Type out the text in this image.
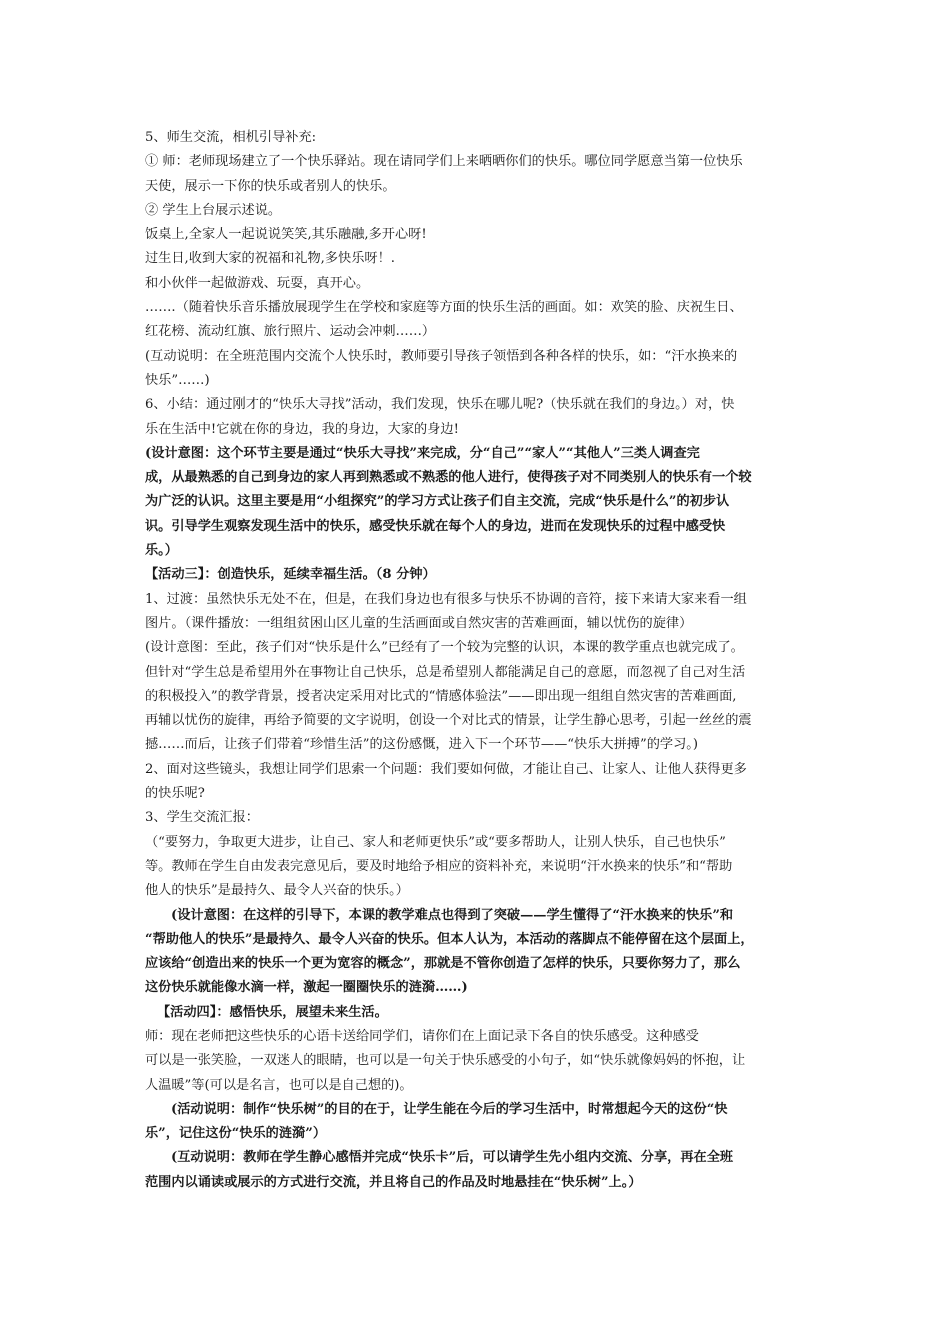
5、师生交流，相机引导补充:
① 师：老师现场建立了一个快乐驿站。现在请同学们上来晒晒你们的快乐。哪位同学愿意当第一位快乐
天使，展示一下你的快乐或者别人的快乐。
② 学生上台展示述说。
饭桌上,全家人一起说说笑笑,其乐融融,多开心呀!
过生日,收到大家的祝福和礼物,多快乐呀！.
和小伙伴一起做游戏、玩耍，真开心。
…….（随着快乐音乐播放展现学生在学校和家庭等方面的快乐生活的画面。如：欢笑的脸、庆祝生日、
红花榜、流动红旗、旅行照片、运动会冲刺……）
(互动说明：在全班范围内交流个人快乐时，教师要引导孩子领悟到各种各样的快乐，如：“汗水换来的
快乐”……)
6、小结：通过刚才的“快乐大寻找”活动，我们发现，快乐在哪儿呢?（快乐就在我们的身边。）对，快
乐在生活中!它就在你的身边，我的身边，大家的身边!
(设计意图：这个环节主要是通过“快乐大寻找”来完成，分“自己”“家人”“其他人”三类人调查完
成，从最熟悉的自己到身边的家人再到熟悉或不熟悉的他人进行，使得孩子对不同类别人的快乐有一个较
为广泛的认识。这里主要是用“小组探究”的学习方式让孩子们自主交流，完成“快乐是什么”的初步认
识。引导学生观察发现生活中的快乐，感受快乐就在每个人的身边，进而在发现快乐的过程中感受快
乐。）
【活动三】：创造快乐，延续幸福生活。（8 分钟）
1、过渡：虽然快乐无处不在，但是，在我们身边也有很多与快乐不协调的音符，接下来请大家来看一组
图片。（课件播放：一组组贫困山区儿童的生活画面或自然灾害的苦难画面，辅以忧伤的旋律）
(设计意图：至此，孩子们对“快乐是什么”已经有了一个较为完整的认识，本课的教学重点也就完成了。
但针对“学生总是希望用外在事物让自己快乐，总是希望别人都能满足自己的意愿，而忽视了自己对生活
的积极投入”的教学背景，授者决定采用对比式的“情感体验法”——即出现一组组自然灾害的苦难画面,
再辅以忧伤的旋律，再给予简要的文字说明，创设一个对比式的情景，让学生静心思考，引起一丝丝的震
撼……而后，让孩子们带着“珍惜生活”的这份感慨，进入下一个环节——“快乐大拼搏”的学习。)
2、面对这些镜头，我想让同学们思索一个问题：我们要如何做，才能让自己、让家人、让他人获得更多
的快乐呢?
3、学生交流汇报：
（“要努力，争取更大进步，让自己、家人和老师更快乐”或“要多帮助人，让别人快乐，自己也快乐”
等。教师在学生自由发表完意见后，要及时地给予相应的资料补充，来说明“汗水换来的快乐”和“帮助
他人的快乐”是最持久、最令人兴奋的快乐。）
(设计意图：在这样的引导下，本课的教学难点也得到了突破——学生懂得了“汗水换来的快乐”和
“帮助他人的快乐”是最持久、最令人兴奋的快乐。但本人认为，本活动的落脚点不能停留在这个层面上，
应该给“创造出来的快乐一个更为宽容的概念”，那就是不管你创造了怎样的快乐，只要你努力了，那么
这份快乐就能像水滴一样，激起一圈圈快乐的涟漪……)
【活动四】：感悟快乐，展望未来生活。
师：现在老师把这些快乐的心语卡送给同学们，请你们在上面记录下各自的快乐感受。这种感受
可以是一张笑脸，一双迷人的眼睛，也可以是一句关于快乐感受的小句子，如“快乐就像妈妈的怀抱，让
人温暖”等(可以是名言，也可以是自己想的)。
(活动说明：制作“快乐树”的目的在于，让学生能在今后的学习生活中，时常想起今天的这份“快
乐”，记住这份“快乐的涟漪”）
(互动说明：教师在学生静心感悟并完成“快乐卡”后，可以请学生先小组内交流、分享，再在全班
范围内以诵读或展示的方式进行交流，并且将自己的作品及时地悬挂在“快乐树”上。）
